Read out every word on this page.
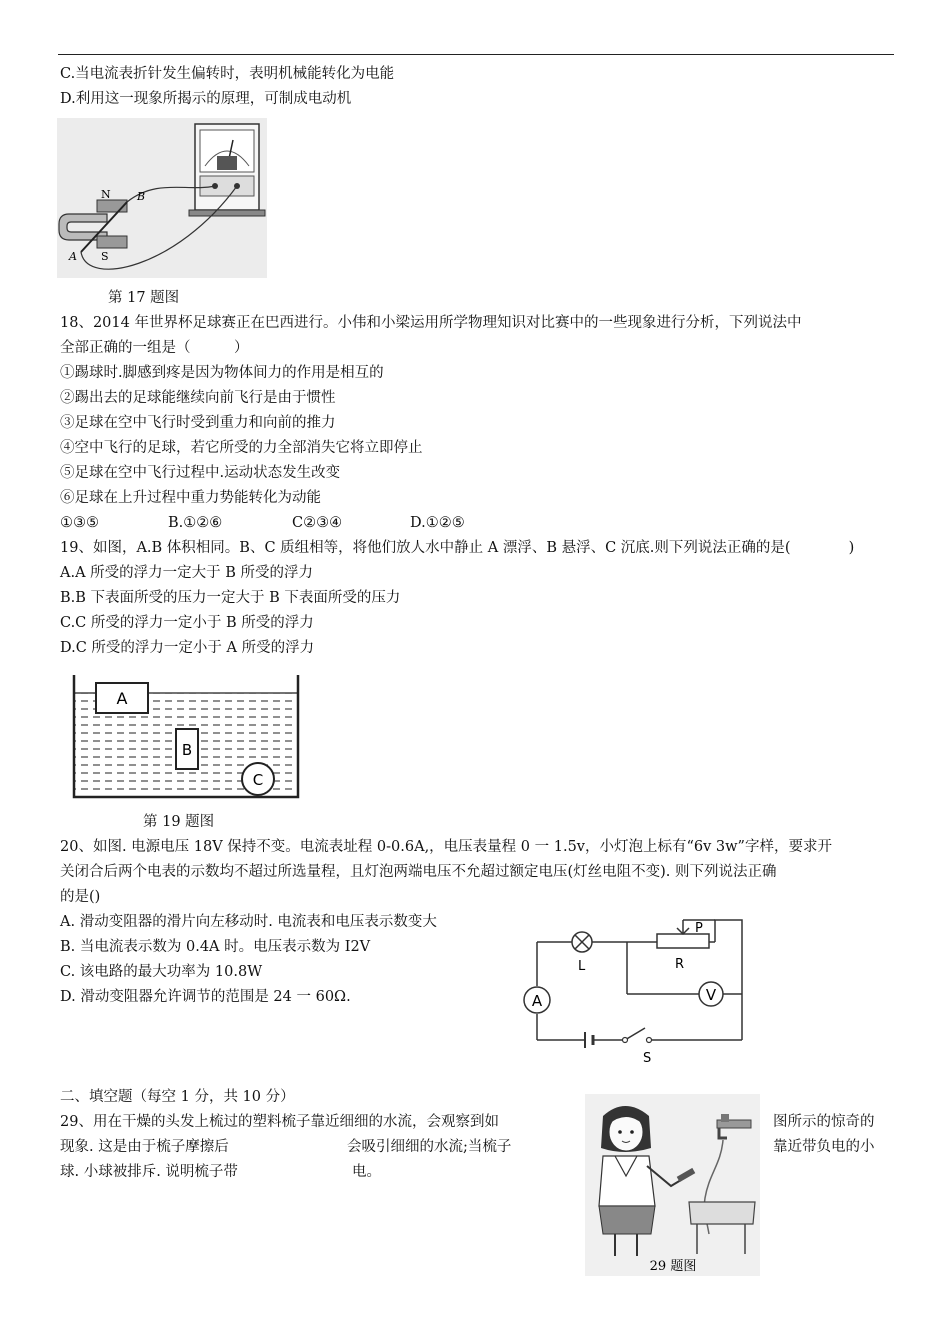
C.当电流表折针发生偏转时，表明机械能转化为电能
D.利用这一现象所揭示的原理，可制成电动机
N B
A S
第 17 题图
18、2014 年世界杯足球赛正在巴西进行。小伟和小梁运用所学物理知识对比赛中的一些现象进行分析，下列说法中
全部正确的一组是（　　　）
①踢球时.脚感到疼是因为物体间力的作用是相互的
②踢出去的足球能继续向前飞行是由于惯性
③足球在空中飞行时受到重力和向前的推力
④空中飞行的足球，若它所受的力全部消失它将立即停止
⑤足球在空中飞行过程中.运动状态发生改变
⑥足球在上升过程中重力势能转化为动能
①③⑤	B.①②⑥	C②③④	D.①②⑤
19、如图，A.B 体积相同。B、C 质组相等，将他们放人水中静止 A 漂浮、B 悬浮、C 沉底.则下列说法正确的是(　　　　)
A.A 所受的浮力一定大于 B 所受的浮力
B.B 下表面所受的压力一定大于 B 下表面所受的压力
C.C 所受的浮力一定小于 B 所受的浮力
D.C 所受的浮力一定小于 A 所受的浮力
A
B
C
第 19 题图
20、如图. 电源电压 18V 保持不变。电流表址程 0-0.6A,，电压表量程 0 一 1.5v，小灯泡上标有“6v 3w”字样，要求开
关闭合后两个电表的示数均不超过所选量程，且灯泡两端电压不允超过额定电压(灯丝电阻不变). 则下列说法正确
的是()
A. 滑动变阻器的滑片向左移动时. 电流表和电压表示数变大
B. 当电流表示数为 0.4A 时。电压表示数为 I2V
C. 该电路的最大功率为 10.8W
D. 滑动变阻器允许调节的范围是 24 一 60Ω.	A	V
P
L	R
S
二、填空题（每空 1 分，共 10 分）
29、用在干燥的头发上梳过的塑料梳子靠近细细的水流，会观察到如	图所示的惊奇的
现象. 这是由于梳子摩擦后	会吸引细细的水流;当梳子	靠近带负电的小
球. 小球被排斥. 说明梳子带	电。
29 题图
